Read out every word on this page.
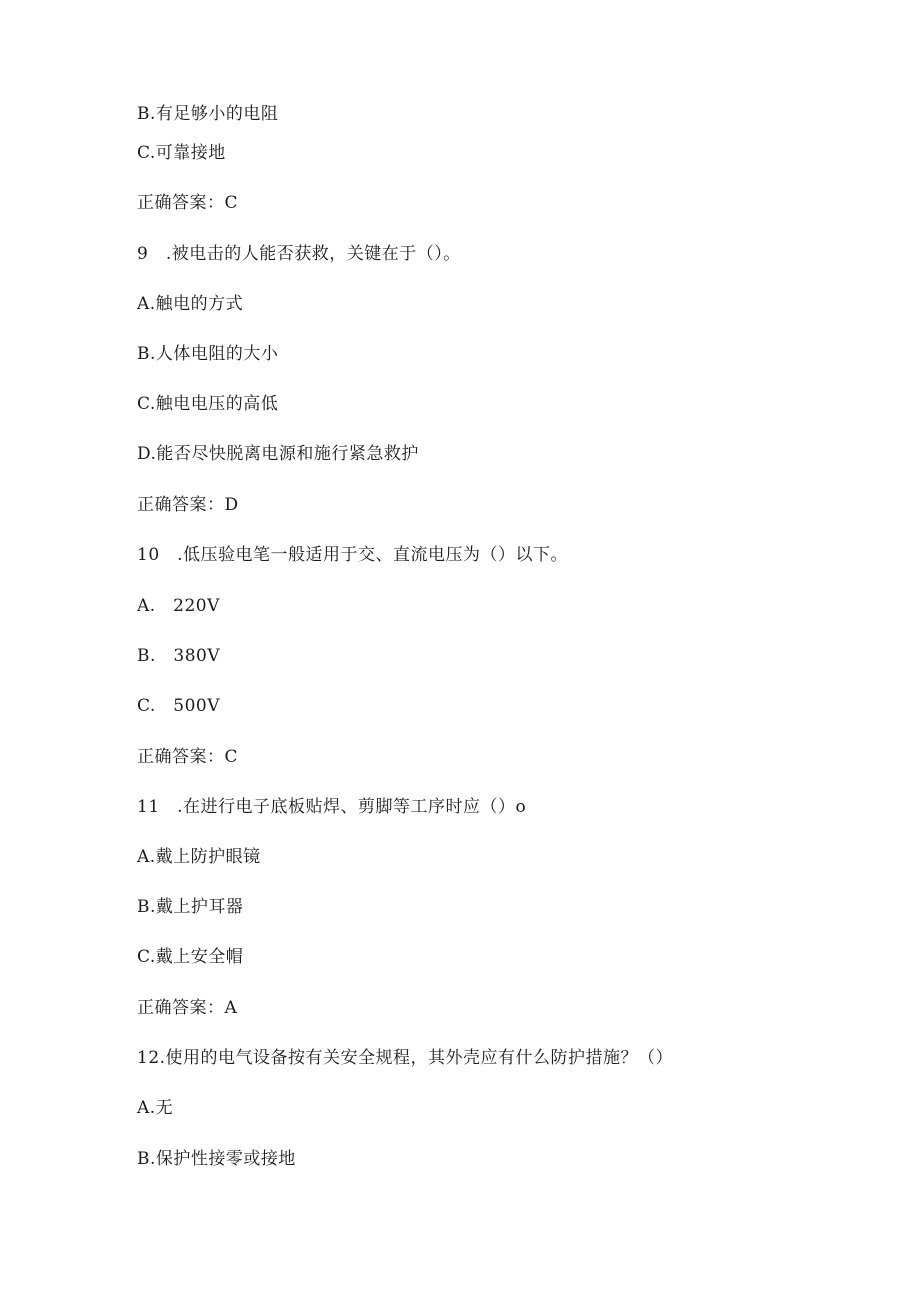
B.有足够小的电阻
C.可靠接地
正确答案：C
9　.被电击的人能否获救，关键在于（）。
A.触电的方式
B.人体电阻的大小
C.触电电压的高低
D.能否尽快脱离电源和施行紧急救护
正确答案：D
10　.低压验电笔一般适用于交、直流电压为（）以下。
A.　220V
B.　380V
C.　500V
正确答案：C
11　.在进行电子底板贴焊、剪脚等工序时应（）o
A.戴上防护眼镜
B.戴上护耳器
C.戴上安全帽
正确答案：A
12.使用的电气设备按有关安全规程，其外壳应有什么防护措施？（）
A.无
B.保护性接零或接地
